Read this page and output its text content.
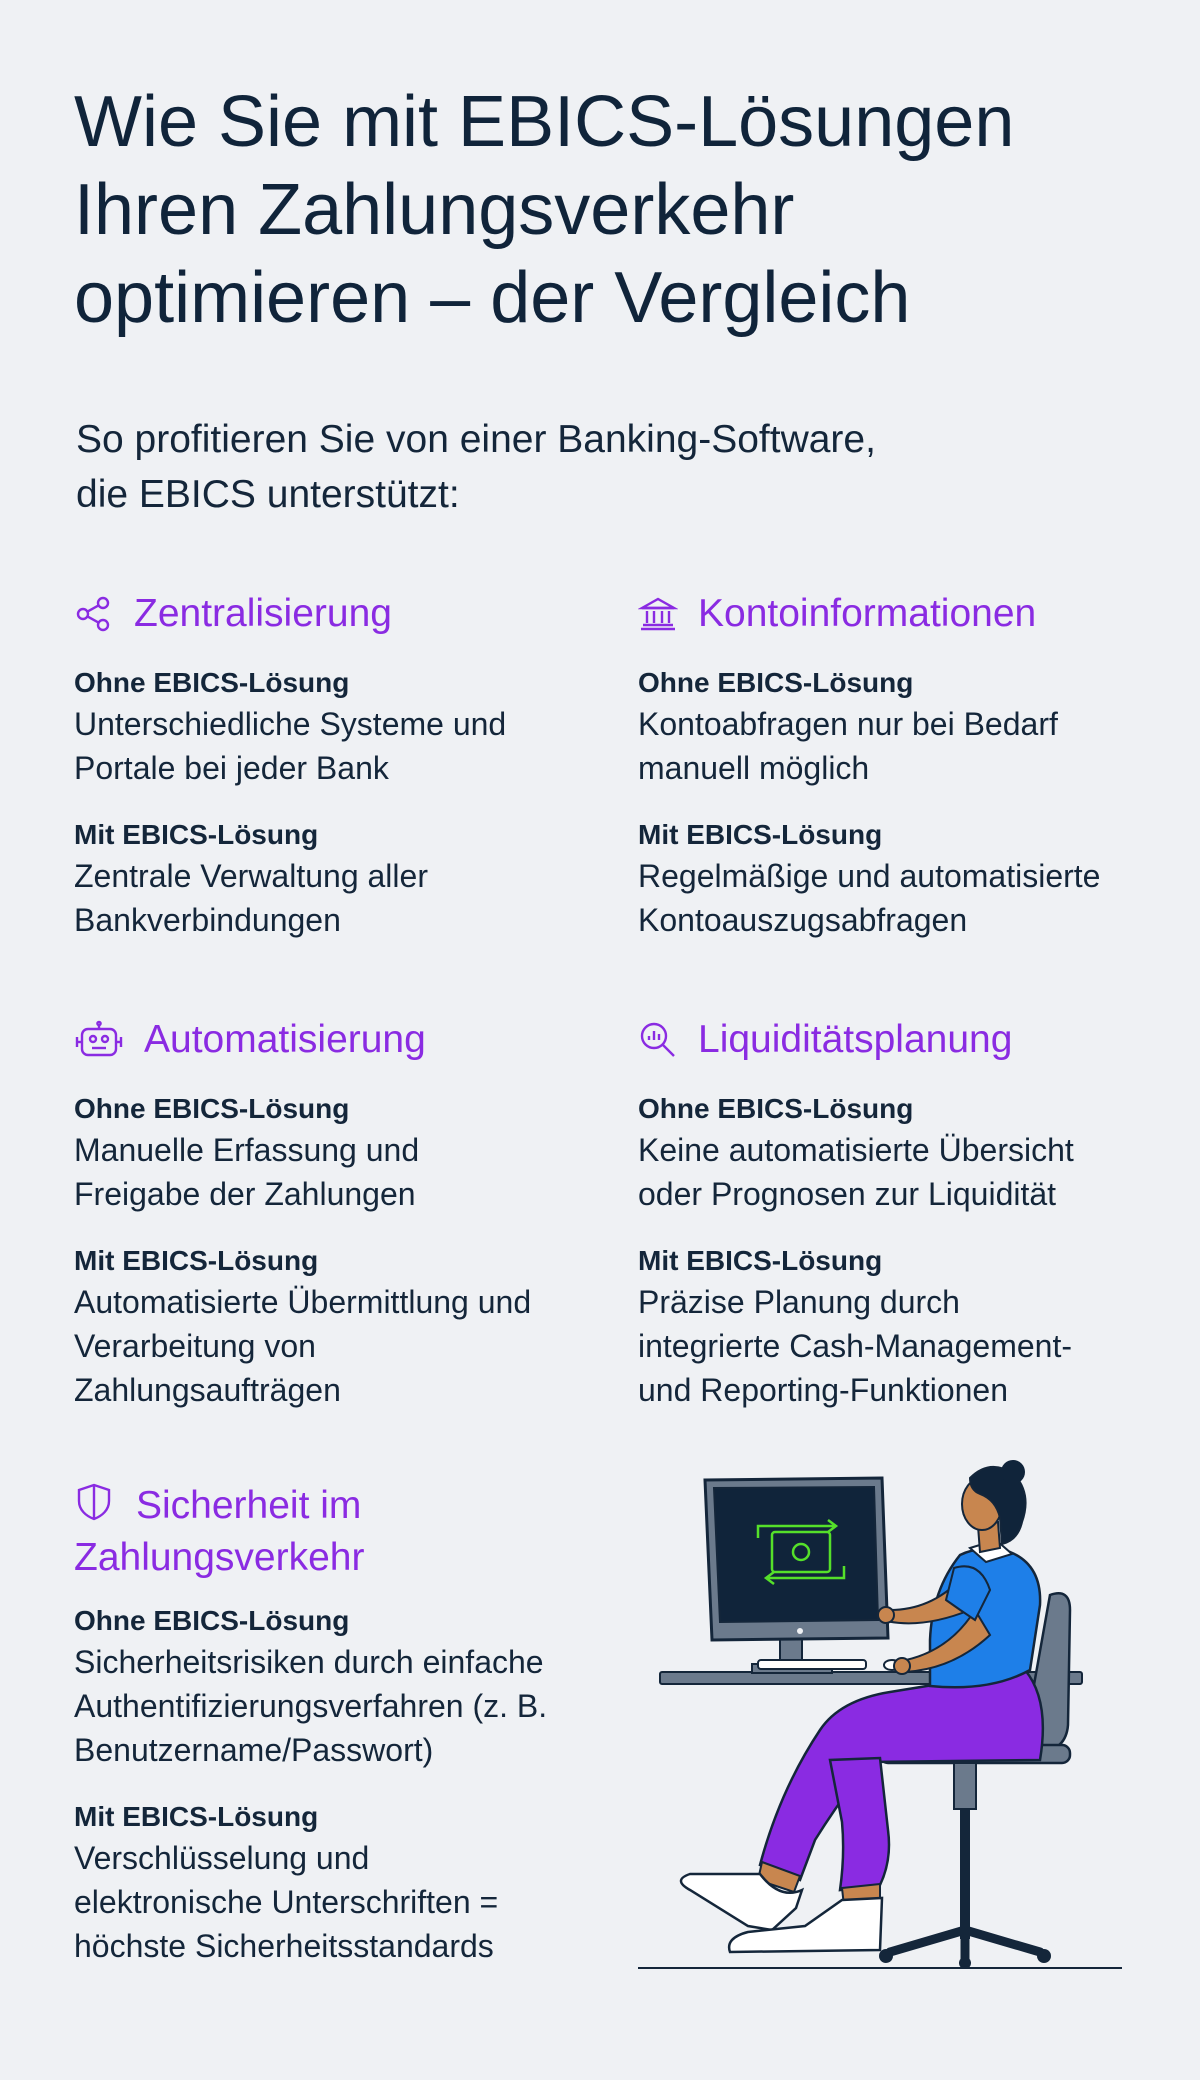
Wie Sie mit EBICS-Lösungen
Ihren Zahlungsverkehr
optimieren – der Vergleich

So profitieren Sie von einer Banking-Software,
die EBICS unterstützt:

Zentralisierung

Ohne EBICS-Lösung

Unterschiedliche Systeme und
Portale bei jeder Bank

Mit EBICS-Lösung

Zentrale Verwaltung aller
Bankverbindungen

Kontoinformationen

Ohne EBICS-Lösung

Kontoabfragen nur bei Bedarf
manuell möglich

Mit EBICS-Lösung

Regelmäßige und automatisierte
Kontoauszugsabfragen

Automatisierung

Ohne EBICS-Lösung

Manuelle Erfassung und
Freigabe der Zahlungen

Mit EBICS-Lösung

Automatisierte Übermittlung und
Verarbeitung von
Zahlungsaufträgen

Liquiditätsplanung

Ohne EBICS-Lösung

Keine automatisierte Übersicht
oder Prognosen zur Liquidität

Mit EBICS-Lösung

Präzise Planung durch
integrierte Cash-Management-
und Reporting-Funktionen

Sicherheit im
Zahlungsverkehr

Ohne EBICS-Lösung

Sicherheitsrisiken durch einfache
Authentifizierungsverfahren (z. B.
Benutzername/Passwort)

Mit EBICS-Lösung

Verschlüsselung und
elektronische Unterschriften =
höchste Sicherheitsstandards
